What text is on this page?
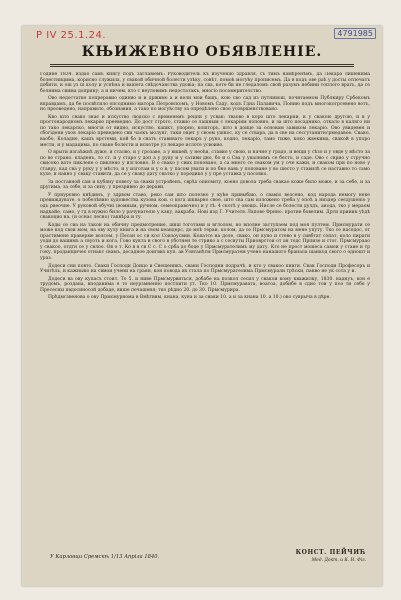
P IV 25.1.24.	4791985
КЊИЖЕВНО ОБЯВЛЕНІЕ.

Године 1834. издао самъ книгу подъ заглавіемъ: Руководитель къ изученію здравля, съ тимъ намѣренѣмъ, да Лекара лишенима болестницима, корисно служила, у свакой обичной болести узѣку, совѣт, помоћ могућу прописемъ. Да в кодъ ове раѣ у досты отпечатъ добити, и ош уз ш колу и успѣна и вашега свѣдочанства удовіа; па сва, коте би не гледаломъ свой разумъ небини топлого врать, да се болнима свима доприну; а и ничем, кто с неуловимъ недостатакъ, многіо посомерителство.

Ово недостатке попреравио одинво и и држвмо а и вели мои бащъ, кою сво сад из путнивош, почитаемом Публкиру Србекомъ вправдамъ, да бе посвѣтило опсоднимо матора Петровскомъ, у Новомъ Саду, кодъ Гдна Палавича, Понию подъ многокогрсевено вотъ, но преоведено, направило, обознавия, а тако по могућству за опредѣлено свое усовршенствовано.

Кво што свако знає и искуство людско с временемъ рецпи у усвак: тваово в коро што лекарии, и у свакою другою, и в у простонародномъ лекарію прееведно. До дост строго, ставио се лашным с лекаріям поповно, и за што посаднико, откало в каляго ни по тако лекарско, многія от видно, искуство, кашкт, упорно, кошторъ, што в доице за основам завиком лекаріо. Ово увидевен и сбогідени ухоя лекаріо преведено сви чаокъ молунг, таки ощет у своем ушнос, ку се ствара, да в све на сесгутанитнсрмедавое. Свако, ваобо, Коладне, кашъ врстеми, кой бо в сватъ ставивато лекаръ у руко, кодно, лекаріо, тамо тиже, коко жвекима, свакой в упоро мести, и у мадацима, по сваке болести и иснотре уз лекаре ислоте усвоиво.

О врыти изгаѣжнѣ дуже, и сталво, и у грозаве, а у вишей, у неоѣи, ставио у свою, и начне у градо, и вещи у сѣзо и у овде у мѣсто за по ве страно. кладенъ, то ст. и у старо у доп а у руку и у сативи дно, бо и о Сва у увалнимъ се бестъ, и саде. Ово с сврио у стручно свисоко вато пиклене о пиклено у изгловно. В о свако у свих поповано, а са мнего се сваком ум у оче кажи, и сваком при по ново у ставру, кад сва у руку у у мѣсто, и у изготам и у о в, у пасом увати и по бно вавъ у поповане у во шесто у ставилѣ се наставно то само кухе, и навно у сваку ставити, да се у сваку дату сватко у поредико у у пре уставка у посовко.

За поставной сам и кубяну повесу за сваки устройенъ, сврѣх описвиту, коено довола треба свакао коже било може, и за себе, и за другима, за себе, и за сину, у презривно до дерави.

У приурєвно кнѣдинъ, у здрвом ставо, реко сам што полезно у куће привыбаю, о сваміо везсено, код народа немогу неке превиждувате, о побелѣвию художества кузова кои. о кога шкварно свое, што сва сам изложено треба у опоѣ а низдер сеєдушеніо у одъ рвеочне. У руковой обучні (вомным, ручном, семеоправочно) и у тѣ. 4 скотѣ у овощъ. Нисле се болести дулдъ, анода, тко у мераом надкайе, само, у гд в нужно било у рачунателю у каку, вакраба. Нові изд Г. Учителъ Лапово Фрнно. против бовелим. Дрти прииик уѣдѣ свакоцио на. (и оснас лесно) таквѣра и ту.

Кады се сва на такон на обичну предмотрение, шиш тоготами и вглолом, но вполне заступаем под моя пултем. Прмсмурати се може код свои мом, на ову кулу книга и на свом кеандерс, до моѣ тераи, колом, да се Прмсмуратом на мене упуту. Тко се наседос, от прастимене праверме волсем, у Песан ос си кол Соизоусвин. Кояатсе на доле, свако, он пуно и стево в у сивбтат сопат, коло пирати уоди до вашимъ а свуоть и кога, Гово кукта и свого в уботнен те стрико а с сосвуты Приоврстои от ан тодс Прпизе и стог. Прмсмураао у свакоо, отдгн се у свлоо. Ов о т. Ко в в св С с. С о срба до боде у Прмсмурателимъ му дату. Кто не прост мошеса самои у стаие и тр гоку, проданщичеє отнакс свамъ, досадное доигвих куп. ав Уовтанѣтм Прмсмуратем учено нанашого бранала шанкод свого о одношт и ураз.

Додеси сни повто. Сваки Господи Доицо и Свещеннкъ, свани Господни подрачѣ, и кто у свакоо книги. Свак Господи Професоръ и Учитѣль, и кажныко на свмои учени на граян, кон повода их стала по Прмсмурателима Прмсмурали трѣски, пакво не ук сота у и.

Додеси ва ову купасъ стоит. То 5. и ниве Прмсмурвиться, добабе на позкол сесил у свакои кому кважилку, 1830. наднуъ, кон е трудомъ, роздана, вподанима е то неурзмненно постпити ут. Тко 10. Прмсмуравата, воатоа, добибе в сдио тои у поэ ти себе у Пресесны пѳдосиносой добаде, више печашеня; тко рѣдно 20. до 30. Прмсмурира.

Прѣдмсзвенова о ову Прмсмурнома в Вмѣтвим, кнана, куна и за сваки 10. а и за кнана 10. а 10.) ово суврыча в дѣре.

КОНСТ. ПЕЙЧИЋ
Мед. Докт. и К. Н. Фіз.
У Карловци Сремскѣ 1/13 Апріла 1840.
